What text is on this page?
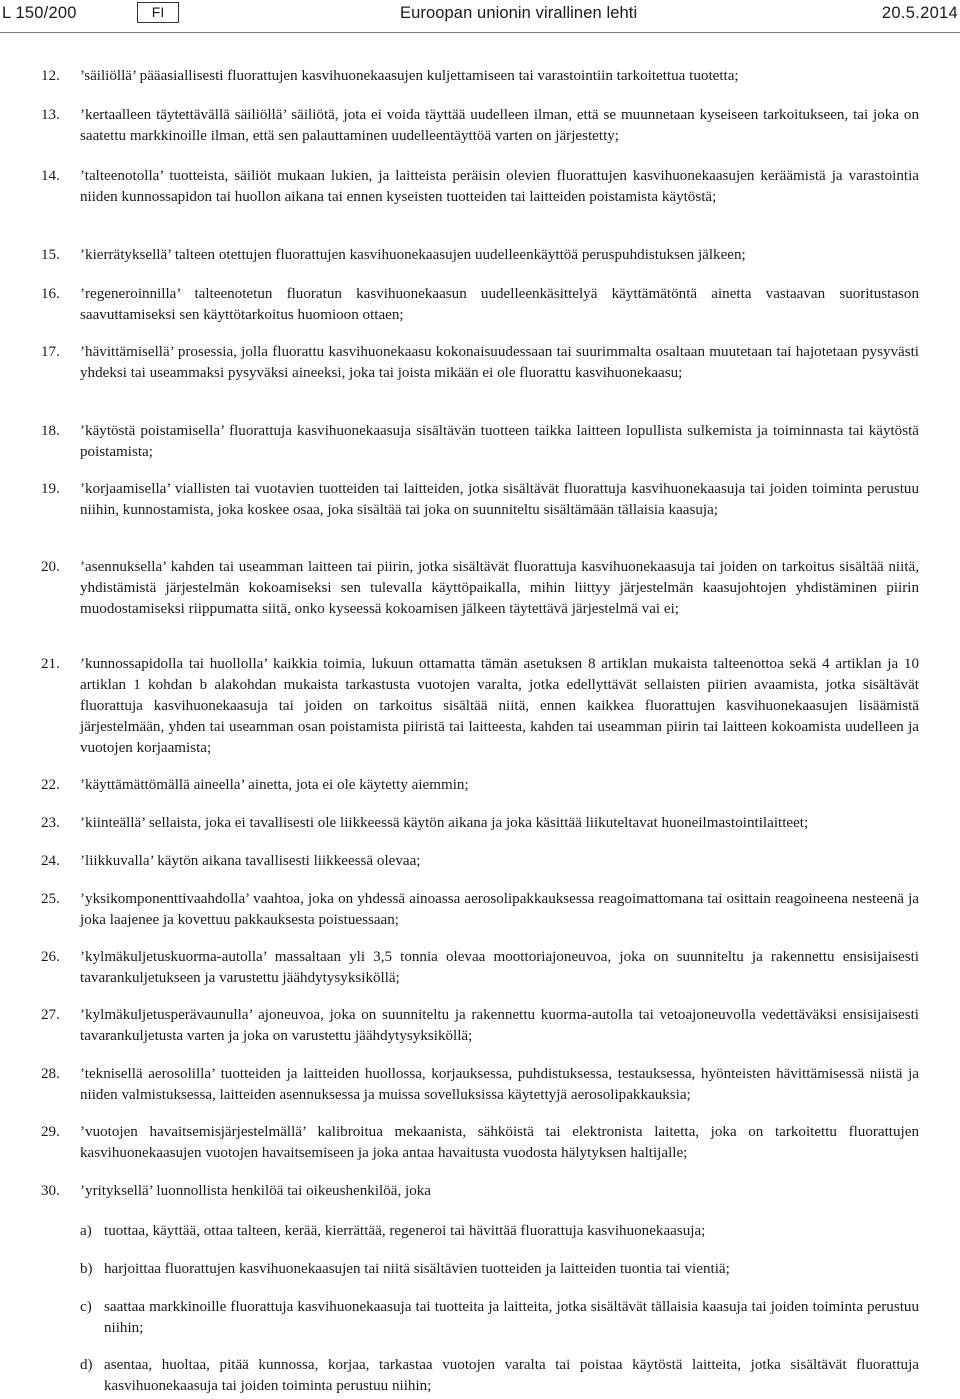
L 150/200	FI	Euroopan unionin virallinen lehti	20.5.2014
12.	’säiliöllä’ pääasiallisesti fluorattujen kasvihuonekaasujen kuljettamiseen tai varastointiin tarkoitettua tuotetta;
13.	’kertaalleen täytettävällä säiliöllä’ säiliötä, jota ei voida täyttää uudelleen ilman, että se muunnetaan kyseiseen tarkoitukseen, tai joka on saatettu markkinoille ilman, että sen palauttaminen uudelleentäyttöä varten on järjestetty;
14.	’talteenotolla’ tuotteista, säiliöt mukaan lukien, ja laitteista peräisin olevien fluorattujen kasvihuonekaasujen keräämistä ja varastointia niiden kunnossapidon tai huollon aikana tai ennen kyseisten tuotteiden tai laitteiden poistamista käytöstä;
15.	’kierrätyksellä’ talteen otettujen fluorattujen kasvihuonekaasujen uudelleenkäyttöä peruspuhdistuksen jälkeen;
16.	’regeneroinnilla’ talteenotetun fluoratun kasvihuonekaasun uudelleenkäsittelyä käyttämätöntä ainetta vastaavan suoritustason saavuttamiseksi sen käyttötarkoitus huomioon ottaen;
17.	’hävittämisellä’ prosessia, jolla fluorattu kasvihuonekaasu kokonaisuudessaan tai suurimmalta osaltaan muutetaan tai hajotetaan pysyvästi yhdeksi tai useammaksi pysyväksi aineeksi, joka tai joista mikään ei ole fluorattu kasvihuonekaasu;
18.	’käytöstä poistamisella’ fluorattuja kasvihuonekaasuja sisältävän tuotteen taikka laitteen lopullista sulkemista ja toiminnasta tai käytöstä poistamista;
19.	’korjaamisella’ viallisten tai vuotavien tuotteiden tai laitteiden, jotka sisältävät fluorattuja kasvihuonekaasuja tai joiden toiminta perustuu niihin, kunnostamista, joka koskee osaa, joka sisältää tai joka on suunniteltu sisältämään tällaisia kaasuja;
20.	’asennuksella’ kahden tai useamman laitteen tai piirin, jotka sisältävät fluorattuja kasvihuonekaasuja tai joiden on tarkoitus sisältää niitä, yhdistämistä järjestelmän kokoamiseksi sen tulevalla käyttöpaikalla, mihin liittyy järjestelmän kaasujohtojen yhdistäminen piirin muodostamiseksi riippumatta siitä, onko kyseessä kokoamisen jälkeen täytettävä järjestelmä vai ei;
21.	’kunnossapidolla tai huollolla’ kaikkia toimia, lukuun ottamatta tämän asetuksen 8 artiklan mukaista talteenottoa sekä 4 artiklan ja 10 artiklan 1 kohdan b alakohdan mukaista tarkastusta vuotojen varalta, jotka edellyttävät sellaisten piirien avaamista, jotka sisältävät fluorattuja kasvihuonekaasuja tai joiden on tarkoitus sisältää niitä, ennen kaikkea fluorattujen kasvihuonekaasujen lisäämistä järjestelmään, yhden tai useamman osan poistamista piiristä tai laitteesta, kahden tai useamman piirin tai laitteen kokoamista uudelleen ja vuotojen korjaamista;
22.	’käyttämättömällä aineella’ ainetta, jota ei ole käytetty aiemmin;
23.	’kiinteällä’ sellaista, joka ei tavallisesti ole liikkeessä käytön aikana ja joka käsittää liikuteltavat huoneilmastointilaitteet;
24.	’liikkuvalla’ käytön aikana tavallisesti liikkeessä olevaa;
25.	’yksikomponenttivaahdolla’ vaahtoa, joka on yhdessä ainoassa aerosolipakkauksessa reagoimattomana tai osittain reagoineena nesteenä ja joka laajenee ja kovettuu pakkauksesta poistuessaan;
26.	’kylmäkuljetuskuorma-autolla’ massaltaan yli 3,5 tonnia olevaa moottoriajoneuvoa, joka on suunniteltu ja rakennettu ensisijaisesti tavarankuljetukseen ja varustettu jäähdytysyksiköllä;
27.	’kylmäkuljetusperävaunulla’ ajoneuvoa, joka on suunniteltu ja rakennettu kuorma-autolla tai vetoajoneuvolla vedettäväksi ensisijaisesti tavarankuljetusta varten ja joka on varustettu jäähdytysyksiköllä;
28.	’teknisellä aerosolilla’ tuotteiden ja laitteiden huollossa, korjauksessa, puhdistuksessa, testauksessa, hyönteisten hävittämisessä niistä ja niiden valmistuksessa, laitteiden asennuksessa ja muissa sovelluksissa käytettyjä aerosolipakkauksia;
29.	’vuotojen havaitsemisjärjestelmällä’ kalibroitua mekaanista, sähköistä tai elektronista laitetta, joka on tarkoitettu fluorattujen kasvihuonekaasujen vuotojen havaitsemiseen ja joka antaa havaitusta vuodosta hälytyksen haltijalle;
30.	’yrityksellä’ luonnollista henkilöä tai oikeushenkilöä, joka
a) tuottaa, käyttää, ottaa talteen, kerää, kierrättää, regeneroi tai hävittää fluorattuja kasvihuonekaasuja;
b) harjoittaa fluorattujen kasvihuonekaasujen tai niitä sisältävien tuotteiden ja laitteiden tuontia tai vientiä;
c) saattaa markkinoille fluorattuja kasvihuonekaasuja tai tuotteita ja laitteita, jotka sisältävät tällaisia kaasuja tai joiden toiminta perustuu niihin;
d) asentaa, huoltaa, pitää kunnossa, korjaa, tarkastaa vuotojen varalta tai poistaa käytöstä laitteita, jotka sisältävät fluorattuja kasvihuonekaasuja tai joiden toiminta perustuu niihin;
